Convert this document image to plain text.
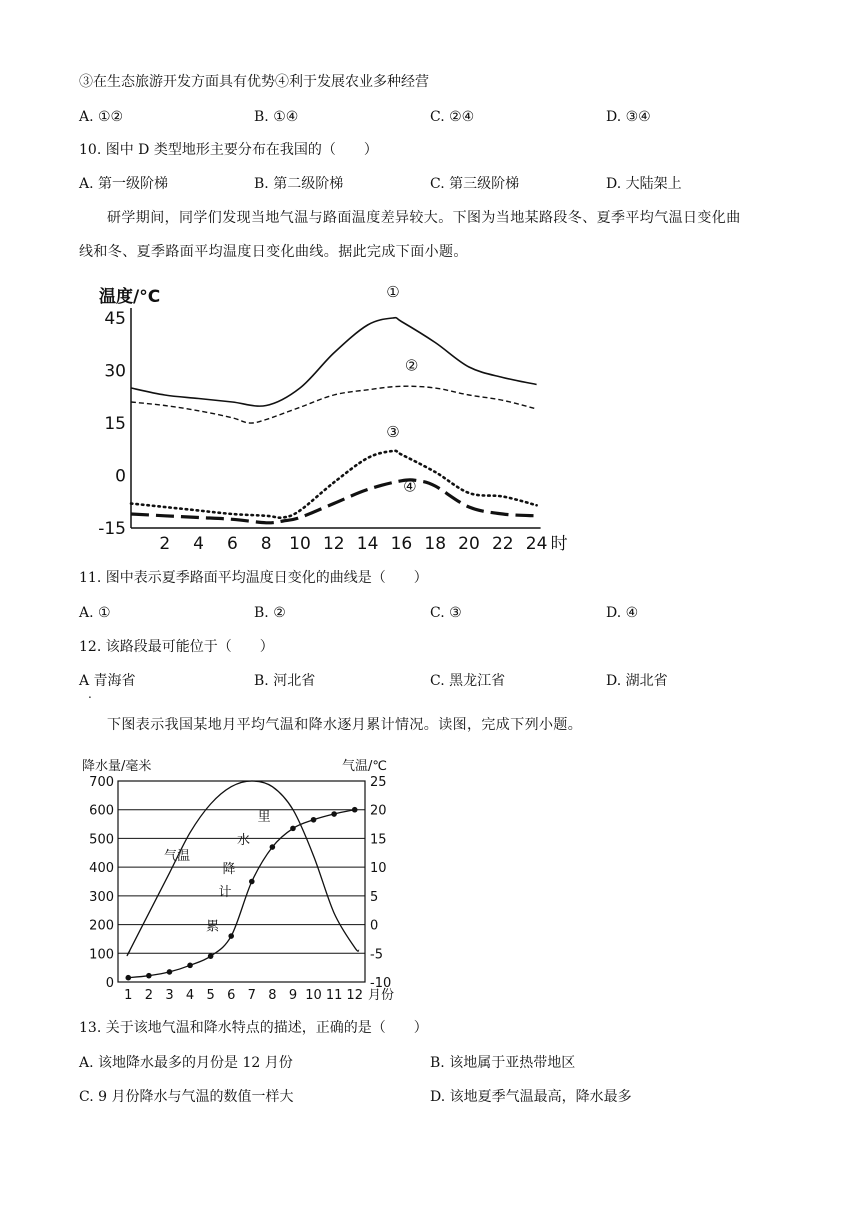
③在生态旅游开发方面具有优势④利于发展农业多种经营
A. ①②	B. ①④	C. ②④	D. ③④
10. 图中 D 类型地形主要分布在我国的（　　）
A. 第一级阶梯	B. 第二级阶梯	C. 第三级阶梯	D. 大陆架上
研学期间，同学们发现当地气温与路面温度差异较大。下图为当地某路段冬、夏季平均气温日变化曲
线和冬、夏季路面平均温度日变化曲线。据此完成下面小题。
温度/°C
45
30
15
0
-15
2 4 6 8 10 12 14 16 18 20 22 24 时
①
②
③
④
11. 图中表示夏季路面平均温度日变化的曲线是（　　）
A. ①	B. ②	C. ③	D. ④
12. 该路段最可能位于（　　）
A 青海省
.
B. 河北省	C. 黑龙江省	D. 湖北省
下图表示我国某地月平均气温和降水逐月累计情况。读图，完成下列小题。
降水量/毫米	气温/℃
700
600
500
400
300
200
100
0
25
20
15
10
5
0
-5
-10
1 2 3 4 5 6 7 8 9 10 11 12 月份
气温
累
计
降
水
里
13. 关于该地气温和降水特点的描述，正确的是（　　）
A. 该地降水最多的月份是 12 月份	B. 该地属于亚热带地区
C. 9 月份降水与气温的数值一样大	D. 该地夏季气温最高，降水最多
